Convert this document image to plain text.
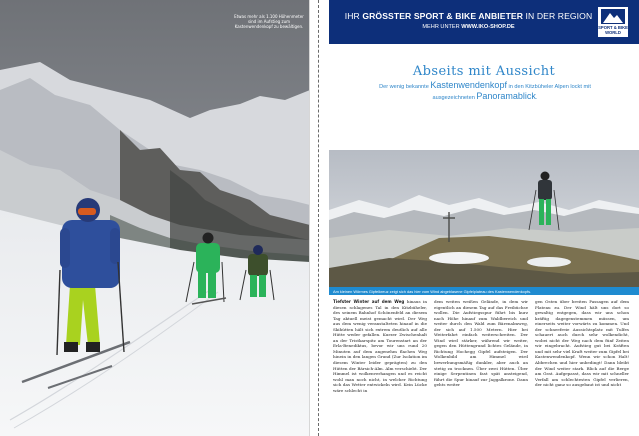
Etwas mehr als 1.100 Höhenmeter sind im Aufstieg zum Kastenwendenkopf zu bewältigen.
IHR GRÖSSTER SPORT & BIKE ANBIETER IN DER REGION
MEHR UNTER WWW.IKO-SHOP.DE	SPORT & BIKE
WORLD
Abseits mit Aussicht
Der wenig bekannte Kastenwendenkopf in den Kitzbüheler Alpen lockt mit
ausgezeichneten Panoramablick.
Am kleinen Wörmes Gipfelkreuz zeigt sich das hier vom Wind abgeblasene Gipfelplateau des Kastenwendenkopfs.
Tiefster Winter auf dem Weg hinaus in diesen schlagenes Tal in den Kitzbüheler, des seinem Bahnhof Schönenfeld an diesem Tag aktuell meist gemacht wird. Der Weg aus dem wenig veranstalteten hinauf in die Skihütten hält sich extrem deutlich auf alle Hütte weder gefallen. Kurzer Zwischenhalt an der Tristkarspitz am Tourenstart an der Erla-Benediktus, bevor wir uns rund 20 Minuten auf dem angenehm flachen Weg hinein in den langen Grund (Zur Isolation im diesem Winter leider geprägten) zu den Hütten der Bärsich-Alm. Alm verschiebt. Der Himmel ist wolkenverhangen und es reicht wohl man noch nicht, in welcher Richtung sich das Wetter entwickeln wird. Kein Lücke wäre schlecht in
dem weiten weißen Gelände, in dem wir eigentlich an diesem Tag auf das Freibüchse wollen. Die Aufstiegsspur führt bis kurz nach Höhe hinauf zum Waldbereich und weiter durch den Wald zum Bärenalmweg, der sich auf 1.500 Metern. Hier bei Weiterfahrt einfach weiterschreiten. Der Wind wird stärker, während wir weiter, gegen den Hüttengrund lichtes Gelände, in Richtung Hochegg Gipfel aufsteigen. Der Wolkenbild am Himmel wird bewerbungsmäßig dunkler, aber auch an stetig zu trocknen. Über zwei Hütten. Über einige Serpentinen fast spät ansteigend, führt die Spur hinauf zur Jaggalkrone. Dann gehts weiter
gen Osten über breiten Passagen auf dem Plateau zu. Der Wind hält uns dort so gewaltig entgegen, dass wir uns schon kräftig dagegenstemmen müssen, um einerseits weiter vorwärts zu kommen. Und der schneefreie Aussichtsplatz mit Tulfes schauert auch durch sehr wolkendicht, wobei nicht der Weg nach dem fünf Zeiten wir eingebracht. Aufstieg gut bei Kräften und mit sehr viel Kraft weiter zum Gipfel bei Kastenwendenkopf. Wenn wir schon Halt! Abbrechen und hier unbedingt! Dann bleibt der Wind weiter stark. Blick auf die Berge am Grat. Aufgepasst, dass wir mit schneller Verfall am schlechtesten Gipfel verlieren, der nicht ganz so ausgebaut ist und nicht
